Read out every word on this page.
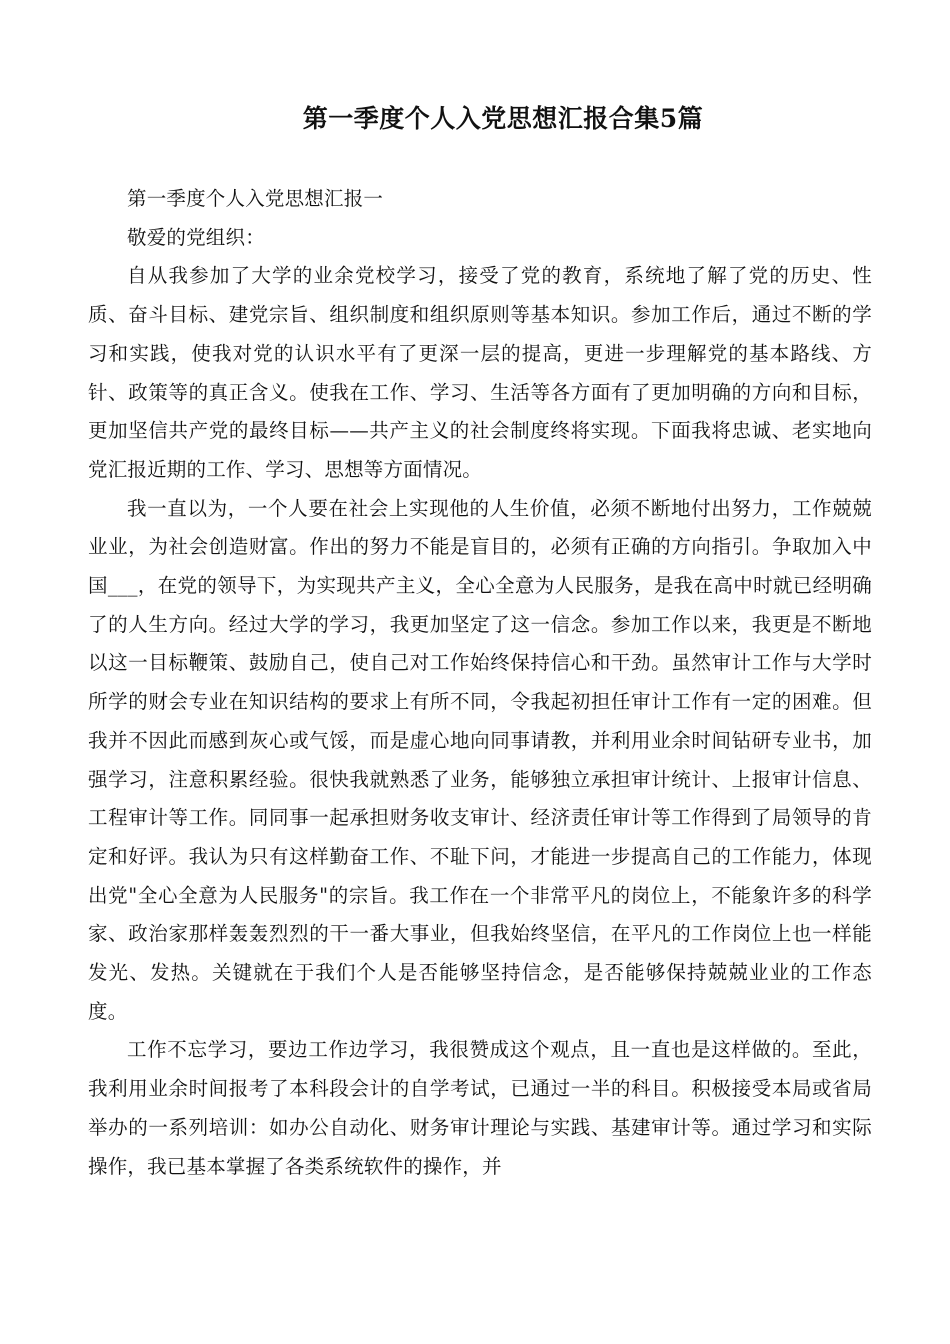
第一季度个人入党思想汇报合集5篇

第一季度个人入党思想汇报一

敬爱的党组织：

自从我参加了大学的业余党校学习，接受了党的教育，系统地了解了党的历史、性质、奋斗目标、建党宗旨、组织制度和组织原则等基本知识。参加工作后，通过不断的学习和实践，使我对党的认识水平有了更深一层的提高，更进一步理解党的基本路线、方针、政策等的真正含义。使我在工作、学习、生活等各方面有了更加明确的方向和目标，更加坚信共产党的最终目标——共产主义的社会制度终将实现。下面我将忠诚、老实地向党汇报近期的工作、学习、思想等方面情况。

我一直以为，一个人要在社会上实现他的人生价值，必须不断地付出努力，工作兢兢业业，为社会创造财富。作出的努力不能是盲目的，必须有正确的方向指引。争取加入中国___，在党的领导下，为实现共产主义，全心全意为人民服务，是我在高中时就已经明确了的人生方向。经过大学的学习，我更加坚定了这一信念。参加工作以来，我更是不断地以这一目标鞭策、鼓励自己，使自己对工作始终保持信心和干劲。虽然审计工作与大学时所学的财会专业在知识结构的要求上有所不同，令我起初担任审计工作有一定的困难。但我并不因此而感到灰心或气馁，而是虚心地向同事请教，并利用业余时间钻研专业书，加强学习，注意积累经验。很快我就熟悉了业务，能够独立承担审计统计、上报审计信息、工程审计等工作。同同事一起承担财务收支审计、经济责任审计等工作得到了局领导的肯定和好评。我认为只有这样勤奋工作、不耻下问，才能进一步提高自己的工作能力，体现出党"全心全意为人民服务"的宗旨。我工作在一个非常平凡的岗位上，不能象许多的科学家、政治家那样轰轰烈烈的干一番大事业，但我始终坚信，在平凡的工作岗位上也一样能发光、发热。关键就在于我们个人是否能够坚持信念，是否能够保持兢兢业业的工作态度。

工作不忘学习，要边工作边学习，我很赞成这个观点，且一直也是这样做的。至此，我利用业余时间报考了本科段会计的自学考试，已通过一半的科目。积极接受本局或省局举办的一系列培训：如办公自动化、财务审计理论与实践、基建审计等。通过学习和实际操作，我已基本掌握了各类系统软件的操作，并
